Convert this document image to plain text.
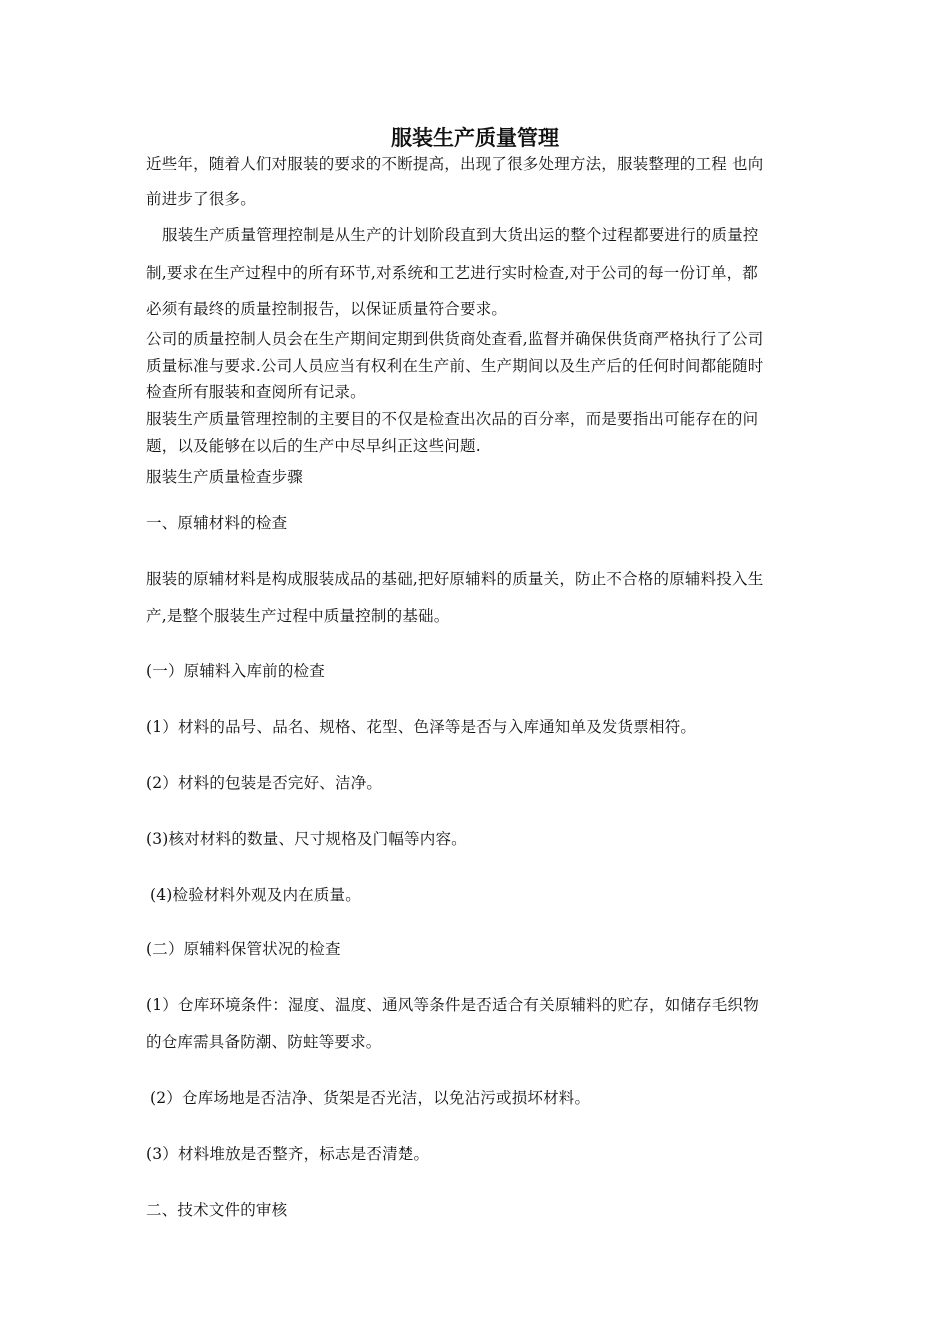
服装生产质量管理
近些年，随着人们对服装的要求的不断提高，出现了很多处理方法，服装整理的工程 也向
前进步了很多。
服装生产质量管理控制是从生产的计划阶段直到大货出运的整个过程都要进行的质量控
制,要求在生产过程中的所有环节,对系统和工艺进行实时检查,对于公司的每一份订单，都
必须有最终的质量控制报告，以保证质量符合要求。
公司的质量控制人员会在生产期间定期到供货商处查看,监督并确保供货商严格执行了公司
质量标准与要求.公司人员应当有权利在生产前、生产期间以及生产后的任何时间都能随时
检查所有服装和查阅所有记录。
服装生产质量管理控制的主要目的不仅是检查出次品的百分率，而是要指出可能存在的问
题，以及能够在以后的生产中尽早纠正这些问题.
服装生产质量检查步骤
一、原辅材料的检查
服装的原辅材料是构成服装成品的基础,把好原辅料的质量关，防止不合格的原辅料投入生
产,是整个服装生产过程中质量控制的基础。
(一）原辅料入库前的检查
(1）材料的品号、品名、规格、花型、色泽等是否与入库通知单及发货票相符。
(2）材料的包装是否完好、洁净。
(3)核对材料的数量、尺寸规格及门幅等内容。
(4)检验材料外观及内在质量。
(二）原辅料保管状况的检查
(1）仓库环境条件：湿度、温度、通风等条件是否适合有关原辅料的贮存，如储存毛织物
的仓库需具备防潮、防蛀等要求。
(2）仓库场地是否洁净、货架是否光洁，以免沾污或损坏材料。
(3）材料堆放是否整齐，标志是否清楚。
二、技术文件的审核
